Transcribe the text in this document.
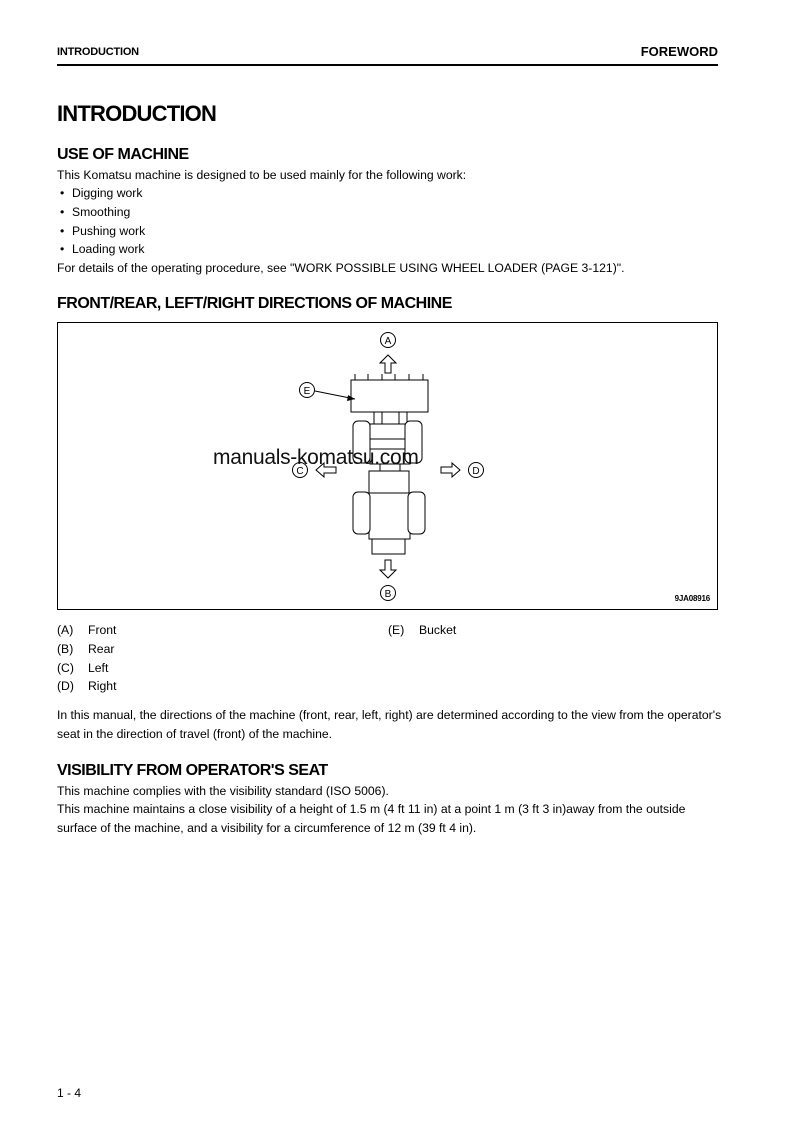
INTRODUCTION	FOREWORD
INTRODUCTION
USE OF MACHINE
This Komatsu machine is designed to be used mainly for the following work:
• Digging work
• Smoothing
• Pushing work
• Loading work
For details of the operating procedure, see "WORK POSSIBLE USING WHEEL LOADER (PAGE 3-121)".
FRONT/REAR, LEFT/RIGHT DIRECTIONS OF MACHINE
A
B
C	D
E
9JA08916
manuals-komatsu.com
(A) Front
(B) Rear
(C) Left
(D) Right
(E) Bucket
In this manual, the directions of the machine (front, rear, left, right) are determined according to the view from the operator's seat in the direction of travel (front) of the machine.
VISIBILITY FROM OPERATOR'S SEAT
This machine complies with the visibility standard (ISO 5006).
This machine maintains a close visibility of a height of 1.5 m (4 ft 11 in) at a point 1 m (3 ft 3 in)away from the outside surface of the machine, and a visibility for a circumference of 12 m (39 ft 4 in).
1 - 4
